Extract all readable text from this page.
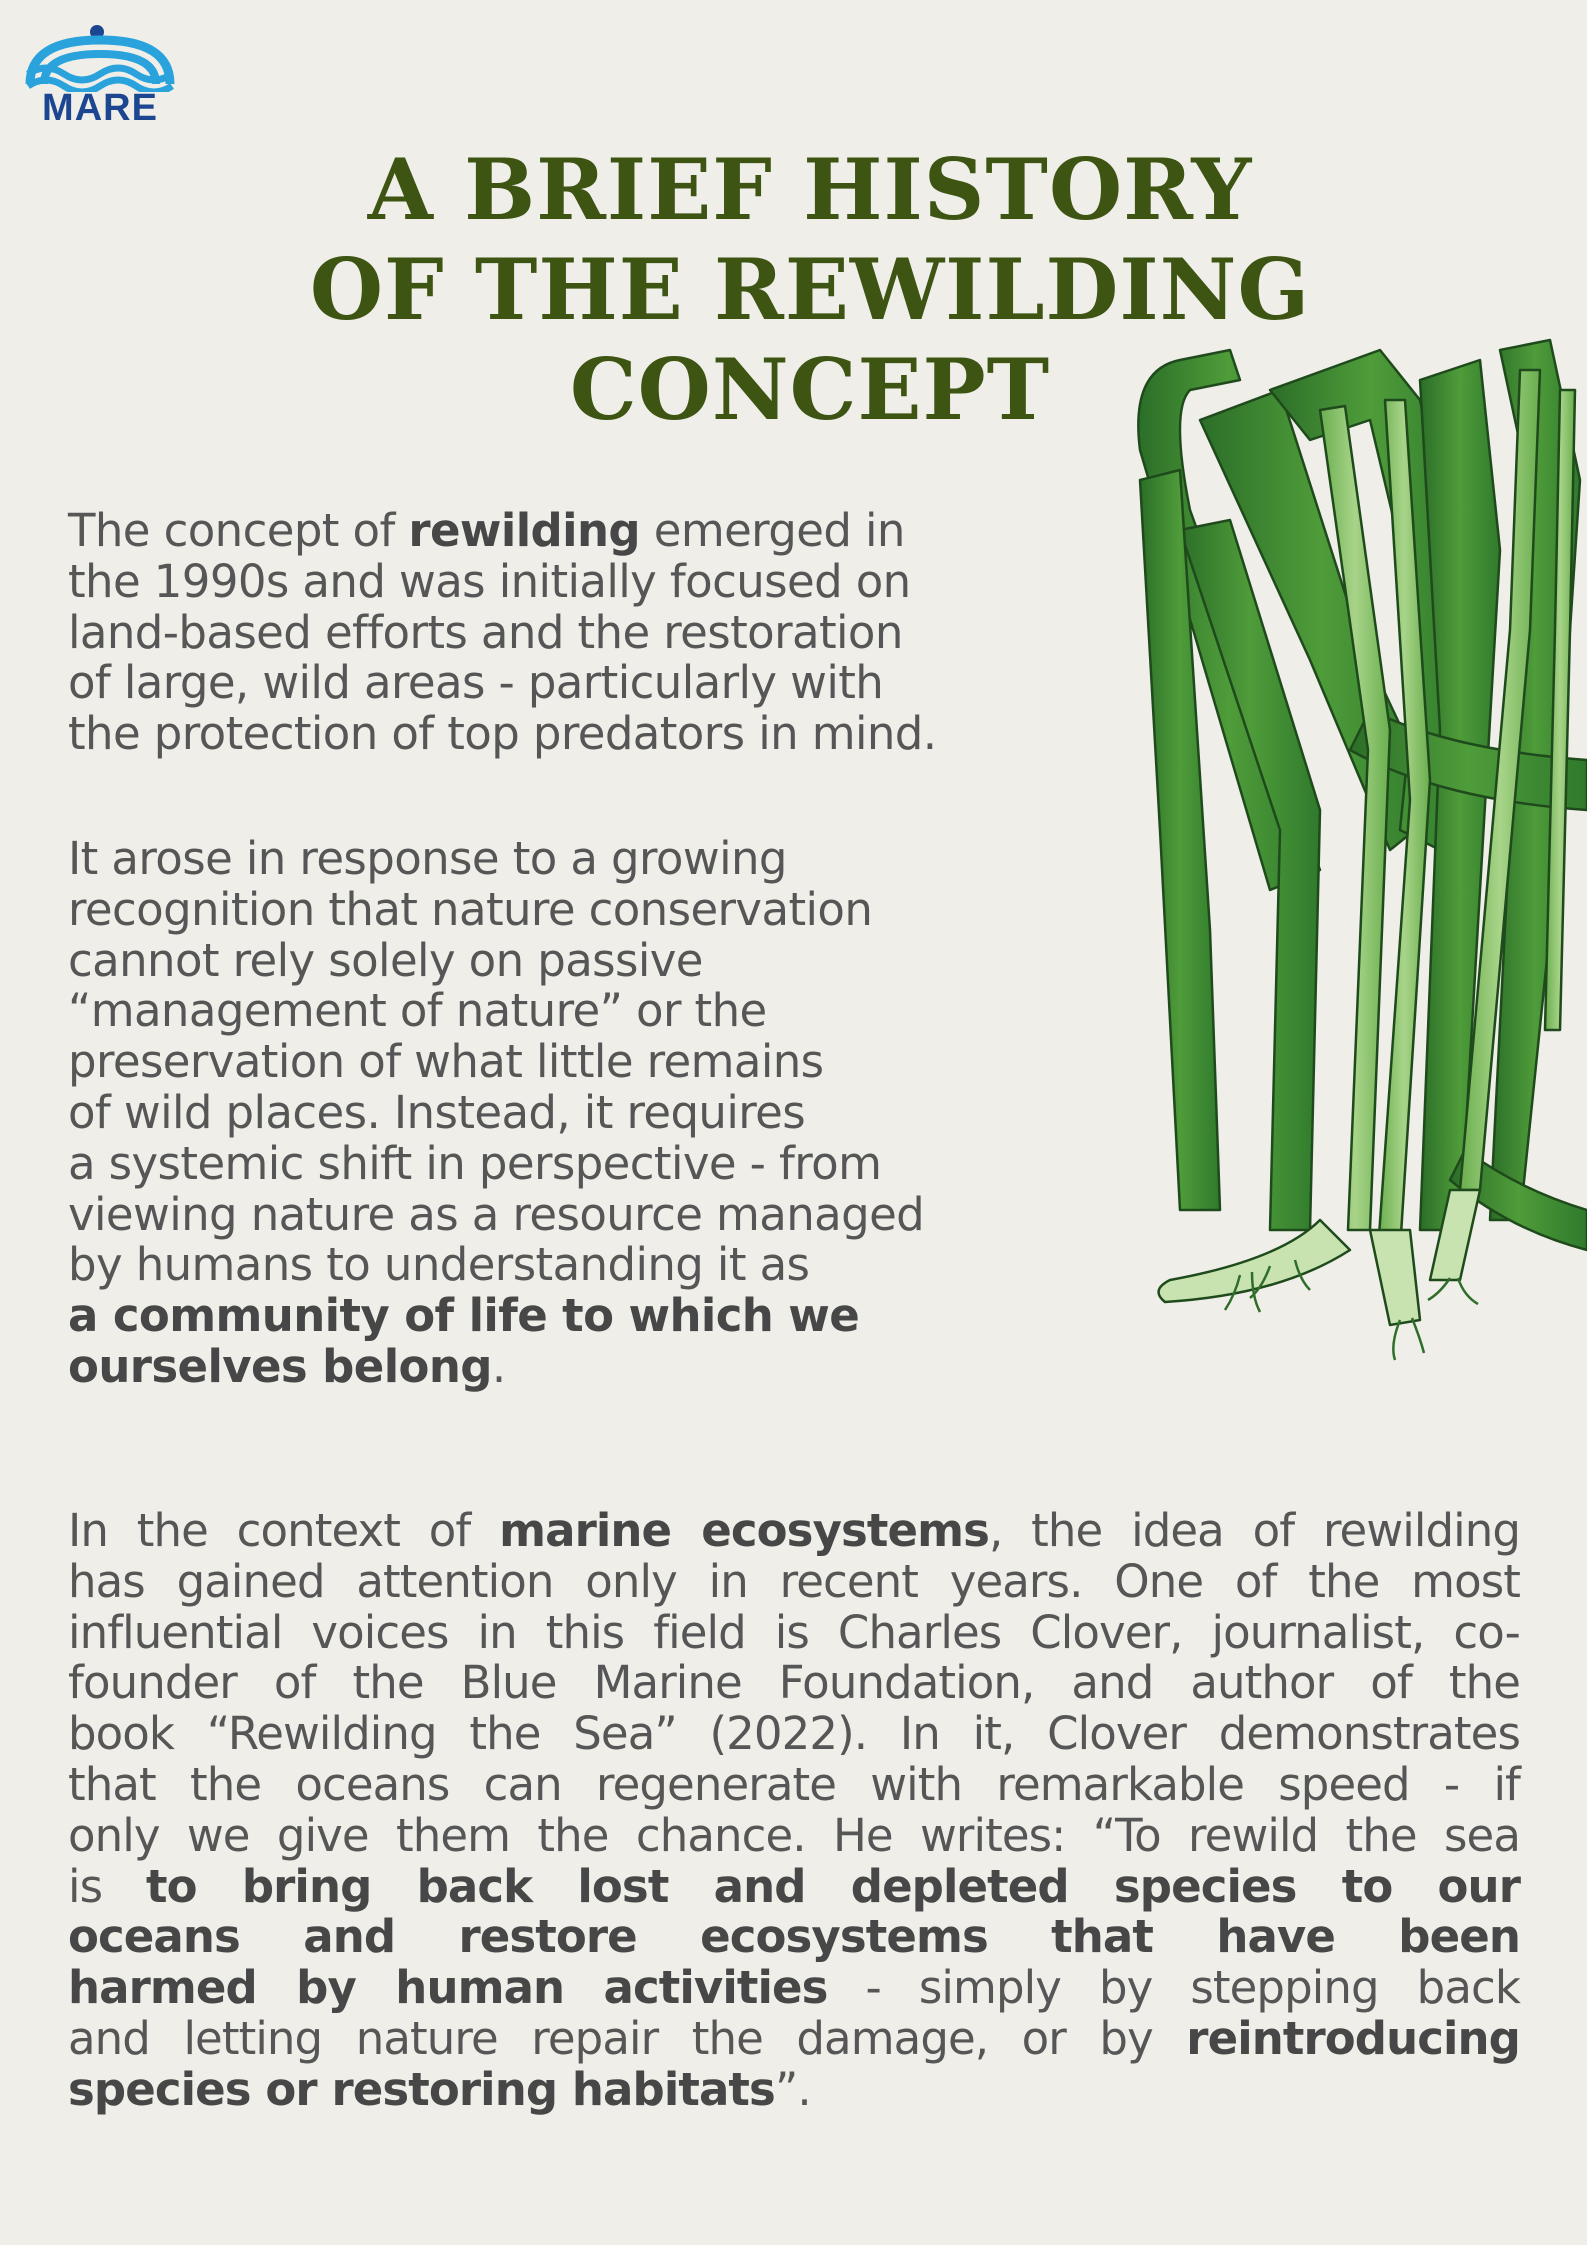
MARE
A BRIEF HISTORY
OF THE REWILDING
CONCEPT

The concept of rewilding emerged in
the 1990s and was initially focused on
land-based efforts and the restoration
of large, wild areas - particularly with
the protection of top predators in mind.

It arose in response to a growing
recognition that nature conservation
cannot rely solely on passive
“management of nature” or the
preservation of what little remains
of wild places. Instead, it requires
a systemic shift in perspective - from
viewing nature as a resource managed
by humans to understanding it as
a community of life to which we
ourselves belong.

In the context of marine ecosystems, the idea of rewilding
has gained attention only in recent years. One of the most
influential voices in this field is Charles Clover, journalist, co-
founder of the Blue Marine Foundation, and author of the
book “Rewilding the Sea” (2022). In it, Clover demonstrates
that the oceans can regenerate with remarkable speed - if
only we give them the chance. He writes: “To rewild the sea
is to bring back lost and depleted species to our
oceans and restore ecosystems that have been
harmed by human activities - simply by stepping back
and letting nature repair the damage, or by reintroducing
species or restoring habitats”.
